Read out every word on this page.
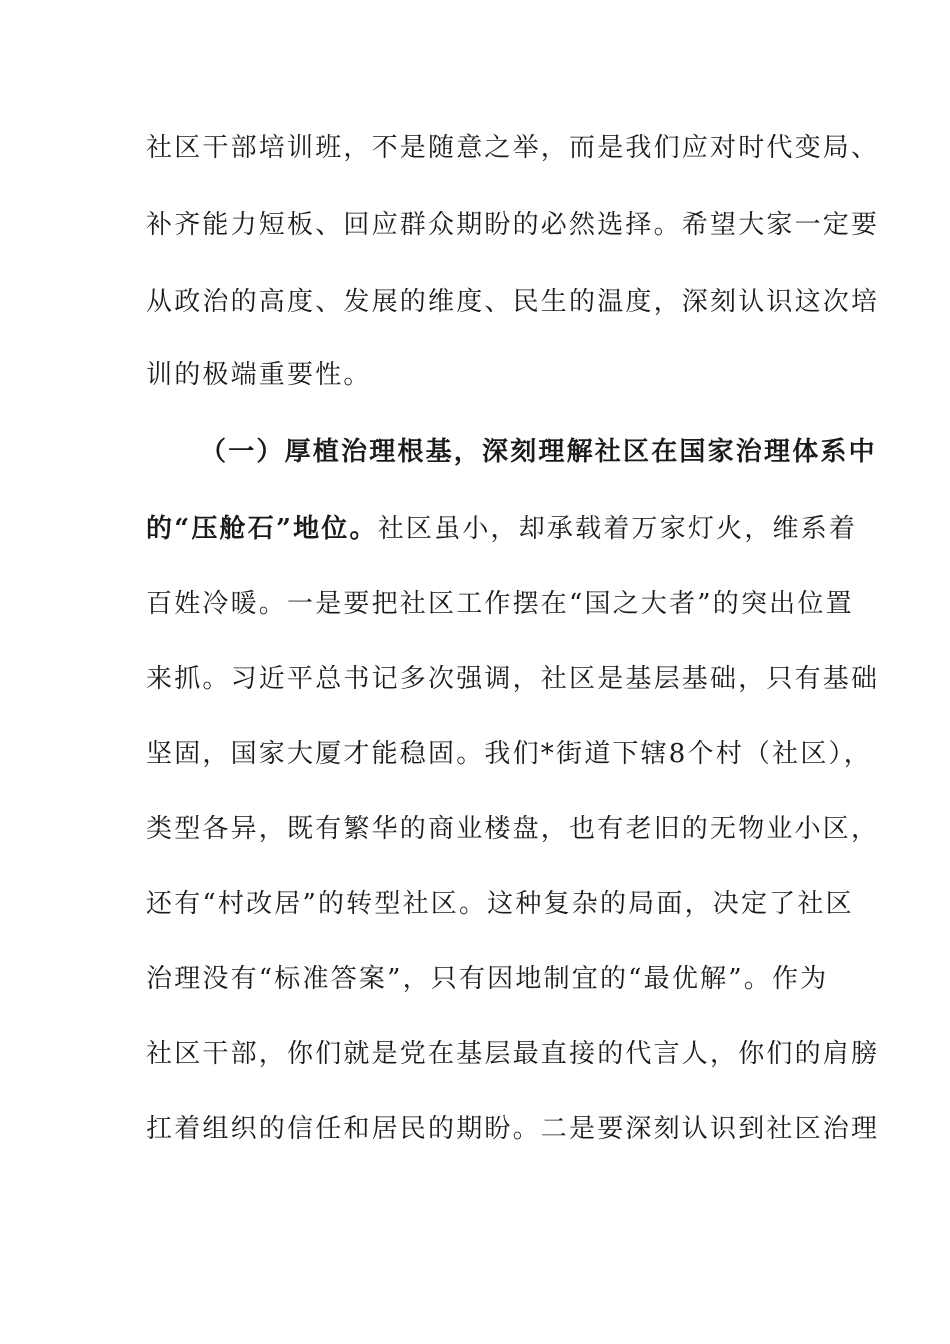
社区干部培训班，不是随意之举，而是我们应对时代变局、
补齐能力短板、回应群众期盼的必然选择。希望大家一定要
从政治的高度、发展的维度、民生的温度，深刻认识这次培
训的极端重要性。
（一）厚植治理根基，深刻理解社区在国家治理体系中
的“压舱石”地位。社区虽小，却承载着万家灯火，维系着
百姓冷暖。一是要把社区工作摆在“国之大者”的突出位置
来抓。习近平总书记多次强调，社区是基层基础，只有基础
坚固，国家大厦才能稳固。我们*街道下辖8个村（社区），
类型各异，既有繁华的商业楼盘，也有老旧的无物业小区，
还有“村改居”的转型社区。这种复杂的局面，决定了社区
治理没有“标准答案”，只有因地制宜的“最优解”。作为
社区干部，你们就是党在基层最直接的代言人，你们的肩膀
扛着组织的信任和居民的期盼。二是要深刻认识到社区治理
